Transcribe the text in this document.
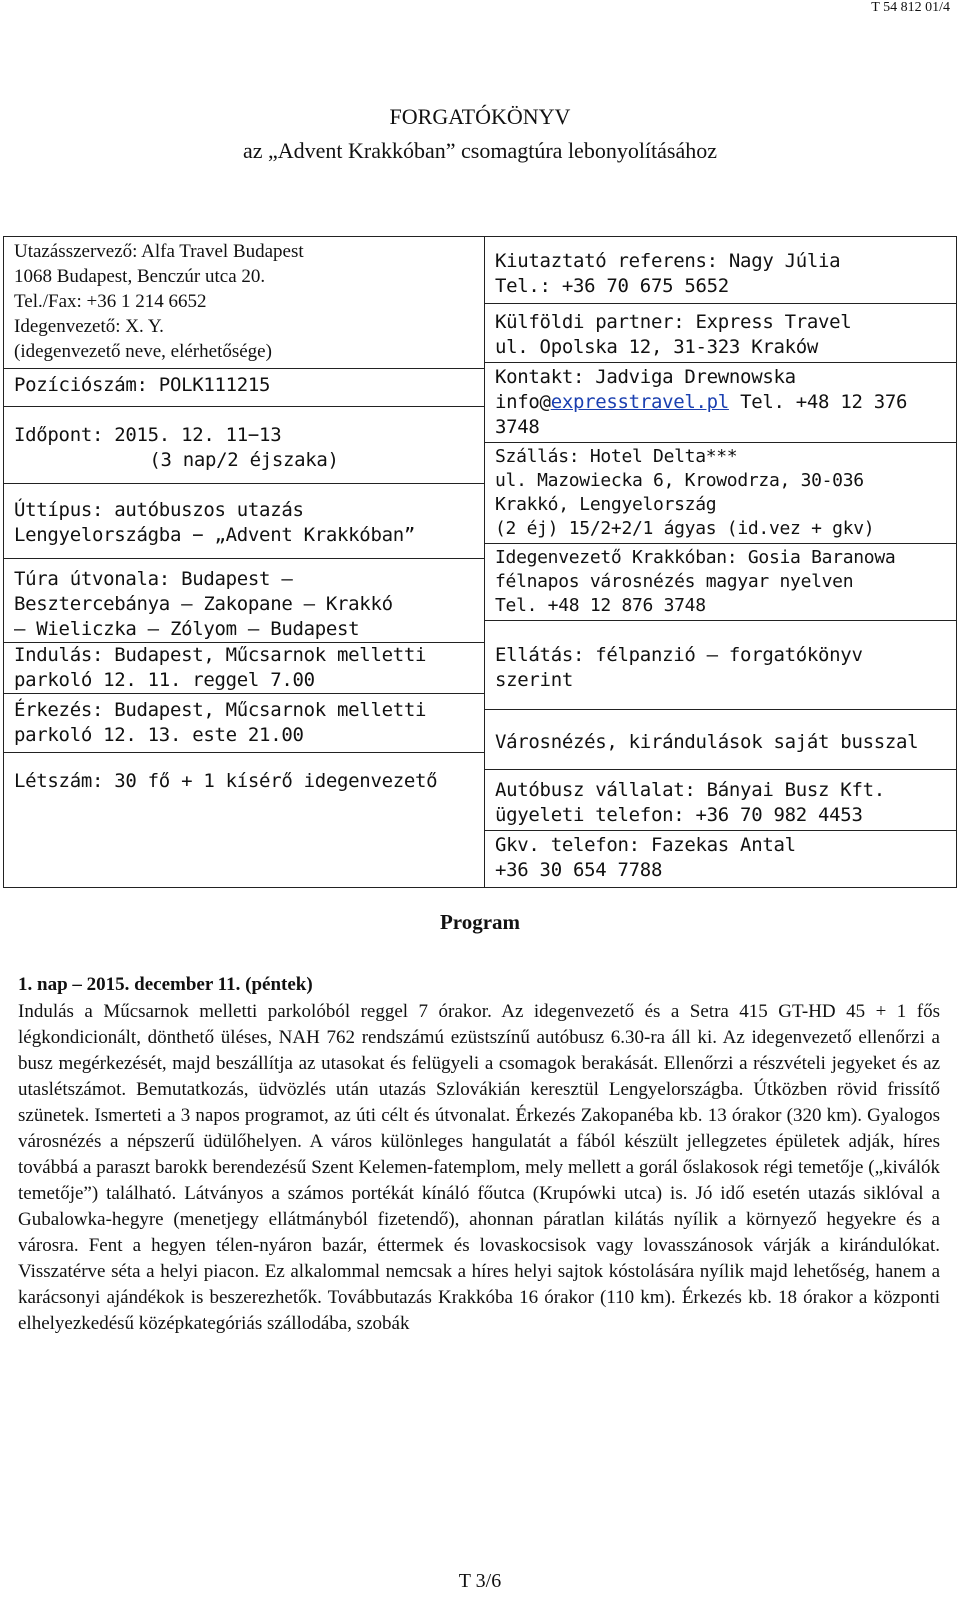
T 54 812 01/4
FORGATÓKÖNYV
az „Advent Krakkóban” csomagtúra lebonyolításához
Utazásszervező: Alfa Travel Budapest
1068 Budapest, Benczúr utca 20.
Tel./Fax: +36 1 214 6652
Idegenvezető: X. Y.
(idegenvezető neve, elérhetősége)
Pozíciószám: POLK111215
Időpont: 2015. 12. 11−13
(3 nap/2 éjszaka)
Úttípus: autóbuszos utazás
Lengyelországba − „Advent Krakkóban”
Túra útvonala: Budapest –
Besztercebánya – Zakopane – Krakkó
– Wieliczka – Zólyom – Budapest
Indulás: Budapest, Műcsarnok melletti
parkoló 12. 11. reggel 7.00
Érkezés: Budapest, Műcsarnok melletti
parkoló 12. 13. este 21.00
Létszám: 30 fő + 1 kísérő idegenvezető

Kiutaztató referens: Nagy Júlia
Tel.: +36 70 675 5652
Külföldi partner: Express Travel
ul. Opolska 12, 31-323 Kraków
Kontakt: Jadviga Drewnowska
info@expresstravel.pl Tel. +48 12 376 3748
Szállás: Hotel Delta***
ul. Mazowiecka 6, Krowodrza, 30-036
Krakkó, Lengyelország
(2 éj) 15/2+2/1 ágyas (id.vez + gkv)
Idegenvezető Krakkóban: Gosia Baranowa
félnapos városnézés magyar nyelven
Tel. +48 12 876 3748
Ellátás: félpanzió – forgatókönyv szerint
Városnézés, kirándulások saját busszal
Autóbusz vállalat: Bányai Busz Kft.
ügyeleti telefon: +36 70 982 4453
Gkv. telefon: Fazekas Antal
+36 30 654 7788
Program
1. nap – 2015. december 11. (péntek)
Indulás a Műcsarnok melletti parkolóból reggel 7 órakor. Az idegenvezető és a Setra 415 GT-HD 45 + 1 fős légkondicionált, dönthető üléses, NAH 762 rendszámú ezüstszínű autóbusz 6.30-ra áll ki. Az idegenvezető ellenőrzi a busz megérkezését, majd beszállítja az utasokat és felügyeli a csomagok berakását. Ellenőrzi a részvételi jegyeket és az utaslétszámot. Bemutatkozás, üdvözlés után utazás Szlovákián keresztül Lengyelországba. Útközben rövid frissítő szünetek. Ismerteti a 3 napos programot, az úti célt és útvonalat. Érkezés Zakopanéba kb. 13 órakor (320 km). Gyalogos városnézés a népszerű üdülőhelyen. A város különleges hangulatát a fából készült jellegzetes épületek adják, híres továbbá a paraszt barokk berendezésű Szent Kelemen-fatemplom, mely mellett a gorál őslakosok régi temetője („kiválók temetője”) található. Látványos a számos portékát kínáló főutca (Krupówki utca) is. Jó idő esetén utazás siklóval a Gubalowka-hegyre (menetjegy ellátmányból fizetendő), ahonnan páratlan kilátás nyílik a környező hegyekre és a városra. Fent a hegyen télen-nyáron bazár, éttermek és lovaskocsisok vagy lovasszánosok várják a kirándulókat. Visszatérve séta a helyi piacon. Ez alkalommal nemcsak a híres helyi sajtok kóstolására nyílik majd lehetőség, hanem a karácsonyi ajándékok is beszerezhetők. Továbbutazás Krakkóba 16 órakor (110 km). Érkezés kb. 18 órakor a központi elhelyezkedésű középkategóriás szállodába, szobák
T 3/6
